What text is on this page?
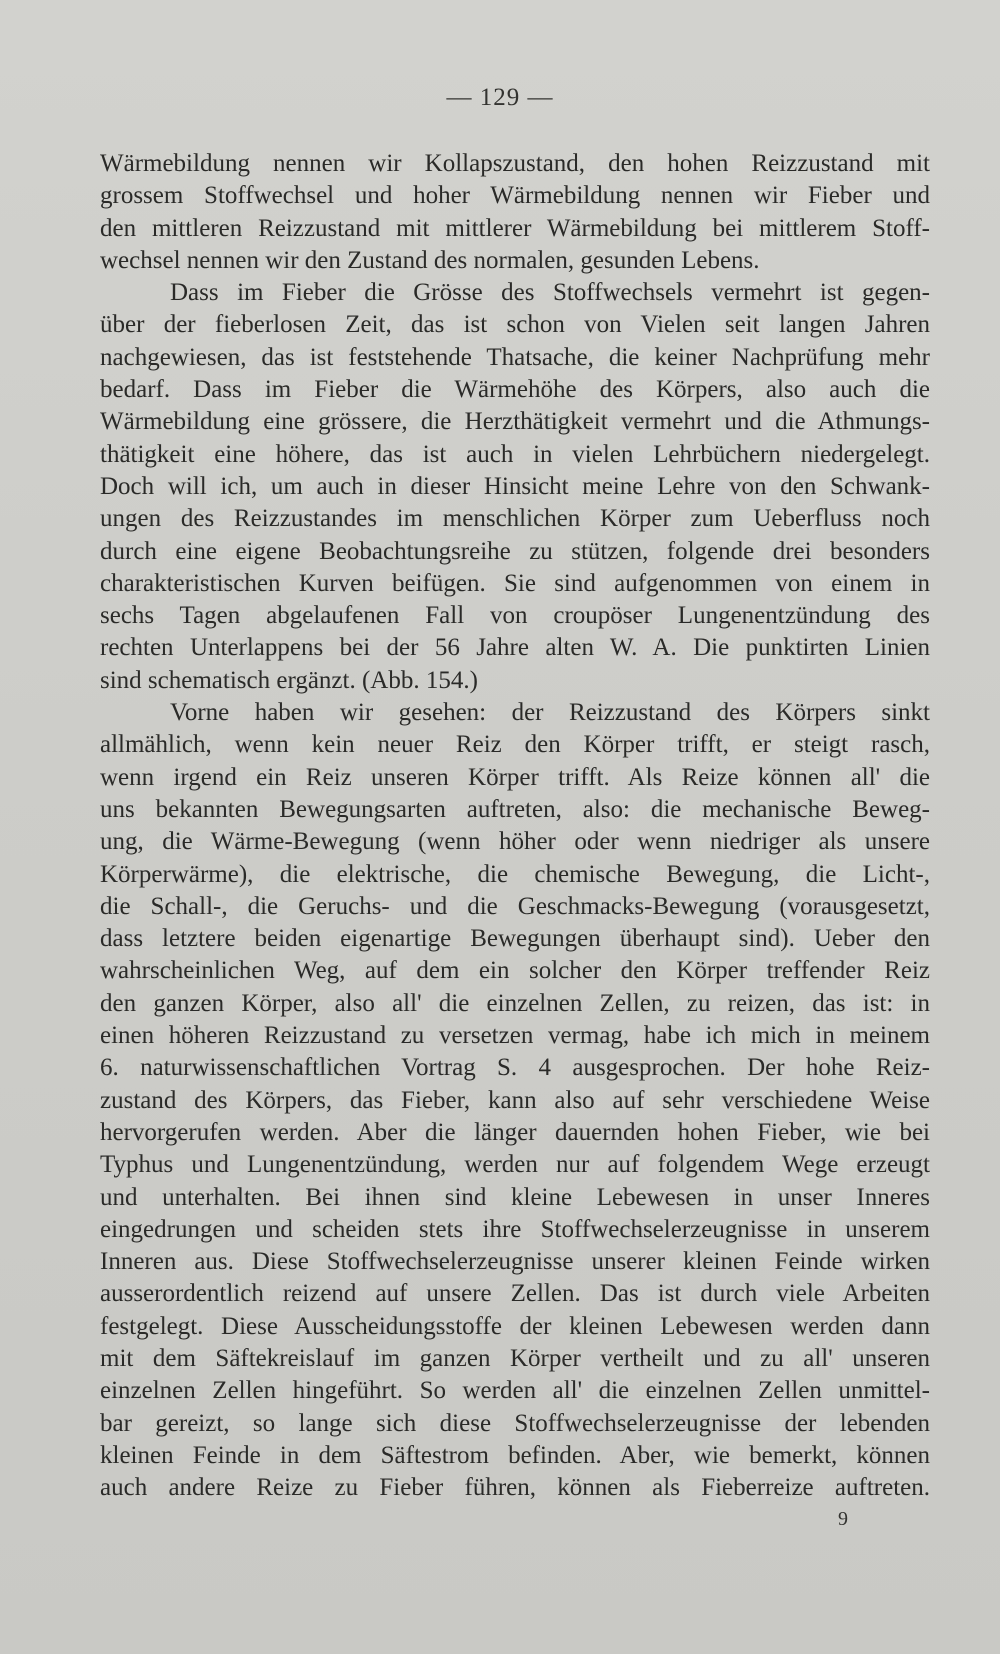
— 129 —
Wärmebildung nennen wir Kollapszustand, den hohen Reizzustand mit
grossem Stoffwechsel und hoher Wärmebildung nennen wir Fieber und
den mittleren Reizzustand mit mittlerer Wärmebildung bei mittlerem Stoff-
wechsel nennen wir den Zustand des normalen, gesunden Lebens.
Dass im Fieber die Grösse des Stoffwechsels vermehrt ist gegen-
über der fieberlosen Zeit, das ist schon von Vielen seit langen Jahren
nachgewiesen, das ist feststehende Thatsache, die keiner Nachprüfung mehr
bedarf. Dass im Fieber die Wärmehöhe des Körpers, also auch die
Wärmebildung eine grössere, die Herzthätigkeit vermehrt und die Athmungs-
thätigkeit eine höhere, das ist auch in vielen Lehrbüchern niedergelegt.
Doch will ich, um auch in dieser Hinsicht meine Lehre von den Schwank-
ungen des Reizzustandes im menschlichen Körper zum Ueberfluss noch
durch eine eigene Beobachtungsreihe zu stützen, folgende drei besonders
charakteristischen Kurven beifügen. Sie sind aufgenommen von einem in
sechs Tagen abgelaufenen Fall von croupöser Lungenentzündung des
rechten Unterlappens bei der 56 Jahre alten W. A. Die punktirten Linien
sind schematisch ergänzt. (Abb. 154.)
Vorne haben wir gesehen: der Reizzustand des Körpers sinkt
allmählich, wenn kein neuer Reiz den Körper trifft, er steigt rasch,
wenn irgend ein Reiz unseren Körper trifft. Als Reize können all' die
uns bekannten Bewegungsarten auftreten, also: die mechanische Beweg-
ung, die Wärme-Bewegung (wenn höher oder wenn niedriger als unsere
Körperwärme), die elektrische, die chemische Bewegung, die Licht-,
die Schall-, die Geruchs- und die Geschmacks-Bewegung (vorausgesetzt,
dass letztere beiden eigenartige Bewegungen überhaupt sind). Ueber den
wahrscheinlichen Weg, auf dem ein solcher den Körper treffender Reiz
den ganzen Körper, also all' die einzelnen Zellen, zu reizen, das ist: in
einen höheren Reizzustand zu versetzen vermag, habe ich mich in meinem
6. naturwissenschaftlichen Vortrag S. 4 ausgesprochen. Der hohe Reiz-
zustand des Körpers, das Fieber, kann also auf sehr verschiedene Weise
hervorgerufen werden. Aber die länger dauernden hohen Fieber, wie bei
Typhus und Lungenentzündung, werden nur auf folgendem Wege erzeugt
und unterhalten. Bei ihnen sind kleine Lebewesen in unser Inneres
eingedrungen und scheiden stets ihre Stoffwechselerzeugnisse in unserem
Inneren aus. Diese Stoffwechselerzeugnisse unserer kleinen Feinde wirken
ausserordentlich reizend auf unsere Zellen. Das ist durch viele Arbeiten
festgelegt. Diese Ausscheidungsstoffe der kleinen Lebewesen werden dann
mit dem Säftekreislauf im ganzen Körper vertheilt und zu all' unseren
einzelnen Zellen hingeführt. So werden all' die einzelnen Zellen unmittel-
bar gereizt, so lange sich diese Stoffwechselerzeugnisse der lebenden
kleinen Feinde in dem Säftestrom befinden. Aber, wie bemerkt, können
auch andere Reize zu Fieber führen, können als Fieberreize auftreten.
9
